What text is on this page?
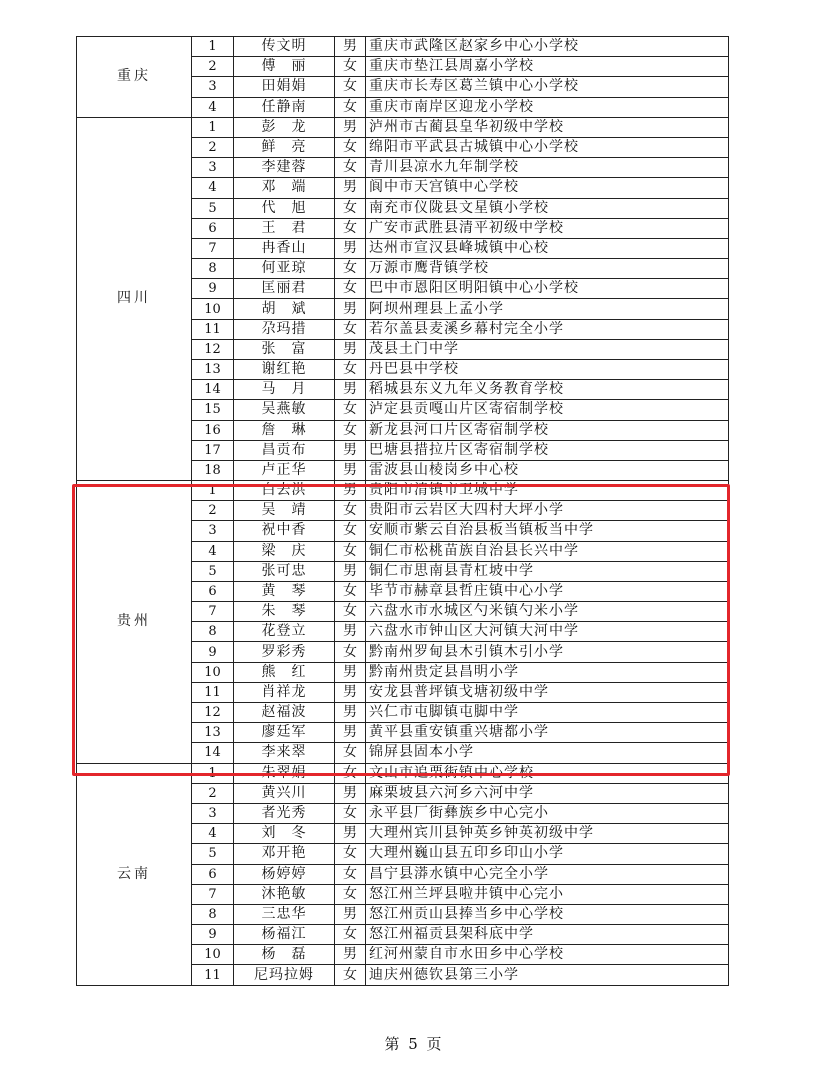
重庆	1	传文明	男	重庆市武隆区赵家乡中心小学校
	2	傅　丽	女	重庆市垫江县周嘉小学校
	3	田娟娟	女	重庆市长寿区葛兰镇中心小学校
	4	任静南	女	重庆市南岸区迎龙小学校
四川	1	彭　龙	男	泸州市古蔺县皇华初级中学校
	2	鲜　亮	女	绵阳市平武县古城镇中心小学校
	3	李建蓉	女	青川县凉水九年制学校
	4	邓　端	男	阆中市天宫镇中心学校
	5	代　旭	女	南充市仪陇县文星镇小学校
	6	王　君	女	广安市武胜县清平初级中学校
	7	冉香山	男	达州市宣汉县峰城镇中心校
	8	何亚琼	女	万源市鹰背镇学校
	9	匡丽君	女	巴中市恩阳区明阳镇中心小学校
	10	胡　斌	男	阿坝州理县上孟小学
	11	尕玛措	女	若尔盖县麦溪乡幕村完全小学
	12	张　富	男	茂县土门中学
	13	谢红艳	女	丹巴县中学校
	14	马　月	男	稻城县东义九年义务教育学校
	15	吴燕敏	女	泸定县贡嘎山片区寄宿制学校
	16	詹　琳	女	新龙县河口片区寄宿制学校
	17	昌贡布	男	巴塘县措拉片区寄宿制学校
	18	卢正华	男	雷波县山棱岗乡中心校
贵州	1	白去洪	男	贵阳市清镇市卫城中学
	2	吴　靖	女	贵阳市云岩区大四村大坪小学
	3	祝中香	女	安顺市紫云自治县板当镇板当中学
	4	梁　庆	女	铜仁市松桃苗族自治县长兴中学
	5	张可忠	男	铜仁市思南县青杠坡中学
	6	黄　琴	女	毕节市赫章县哲庄镇中心小学
	7	朱　琴	女	六盘水市水城区勺米镇勺米小学
	8	花登立	男	六盘水市钟山区大河镇大河中学
	9	罗彩秀	女	黔南州罗甸县木引镇木引小学
	10	熊　红	男	黔南州贵定县昌明小学
	11	肖祥龙	男	安龙县普坪镇戈塘初级中学
	12	赵福波	男	兴仁市屯脚镇屯脚中学
	13	廖廷军	男	黄平县重安镇重兴塘都小学
	14	李来翠	女	锦屏县固本小学
云南	1	朱翠娟	女	文山市追栗街镇中心学校
	2	黄兴川	男	麻栗坡县六河乡六河中学
	3	者光秀	女	永平县厂街彝族乡中心完小
	4	刘　冬	男	大理州宾川县钟英乡钟英初级中学
	5	邓开艳	女	大理州巍山县五印乡印山小学
	6	杨婷婷	女	昌宁县漭水镇中心完全小学
	7	沐艳敏	女	怒江州兰坪县啦井镇中心完小
	8	三忠华	男	怒江州贡山县捧当乡中心学校
	9	杨福江	女	怒江州福贡县架科底中学
	10	杨　磊	男	红河州蒙自市水田乡中心学校
	11	尼玛拉姆	女	迪庆州德钦县第三小学
第 5 页
